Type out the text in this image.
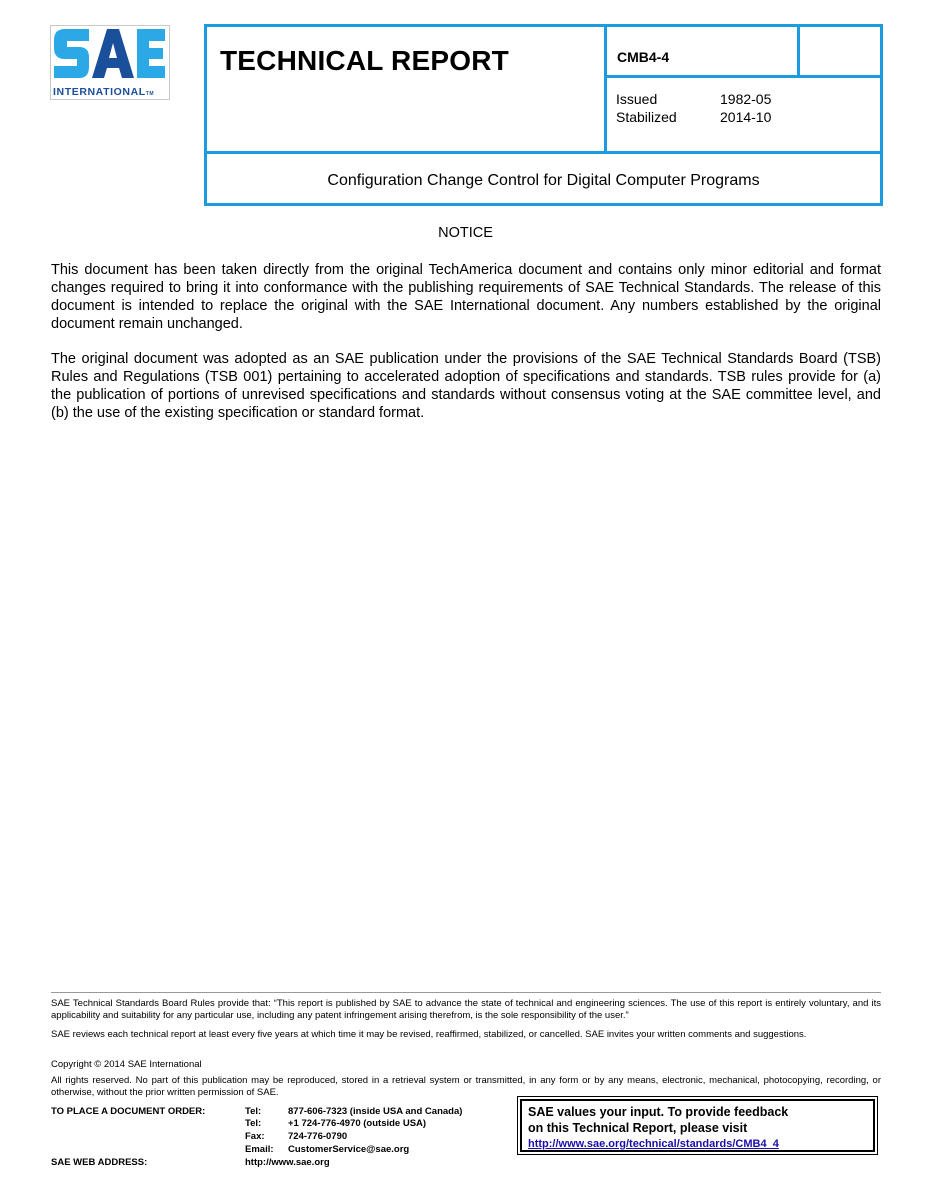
INTERNATIONALTM
TECHNICAL REPORT	CMB4-4
Issued	1982-05
Stabilized	2014-10
Configuration Change Control for Digital Computer Programs
NOTICE

This document has been taken directly from the original TechAmerica document and contains only minor editorial and format changes required to bring it into conformance with the publishing requirements of SAE Technical Standards. The release of this document is intended to replace the original with the SAE International document. Any numbers established by the original document remain unchanged.

The original document was adopted as an SAE publication under the provisions of the SAE Technical Standards Board (TSB) Rules and Regulations (TSB 001) pertaining to accelerated adoption of specifications and standards. TSB rules provide for (a) the publication of portions of unrevised specifications and standards without consensus voting at the SAE committee level, and (b) the use of the existing specification or standard format.

SAE Technical Standards Board Rules provide that: “This report is published by SAE to advance the state of technical and engineering sciences. The use of this report is entirely voluntary, and its applicability and suitability for any particular use, including any patent infringement arising therefrom, is the sole responsibility of the user.”

SAE reviews each technical report at least every five years at which time it may be revised, reaffirmed, stabilized, or cancelled. SAE invites your written comments and suggestions.

Copyright © 2014 SAE International

All rights reserved. No part of this publication may be reproduced, stored in a retrieval system or transmitted, in any form or by any means, electronic, mechanical, photocopying, recording, or otherwise, without the prior written permission of SAE.

TO PLACE A DOCUMENT ORDER:	Tel:	877-606-7323 (inside USA and Canada)
Tel:	+1 724-776-4970 (outside USA)
Fax: 724-776-0790
Email: CustomerService@sae.org
SAE WEB ADDRESS:	http://www.sae.org
SAE values your input. To provide feedback
on this Technical Report, please visit
http://www.sae.org/technical/standards/CMB4_4
